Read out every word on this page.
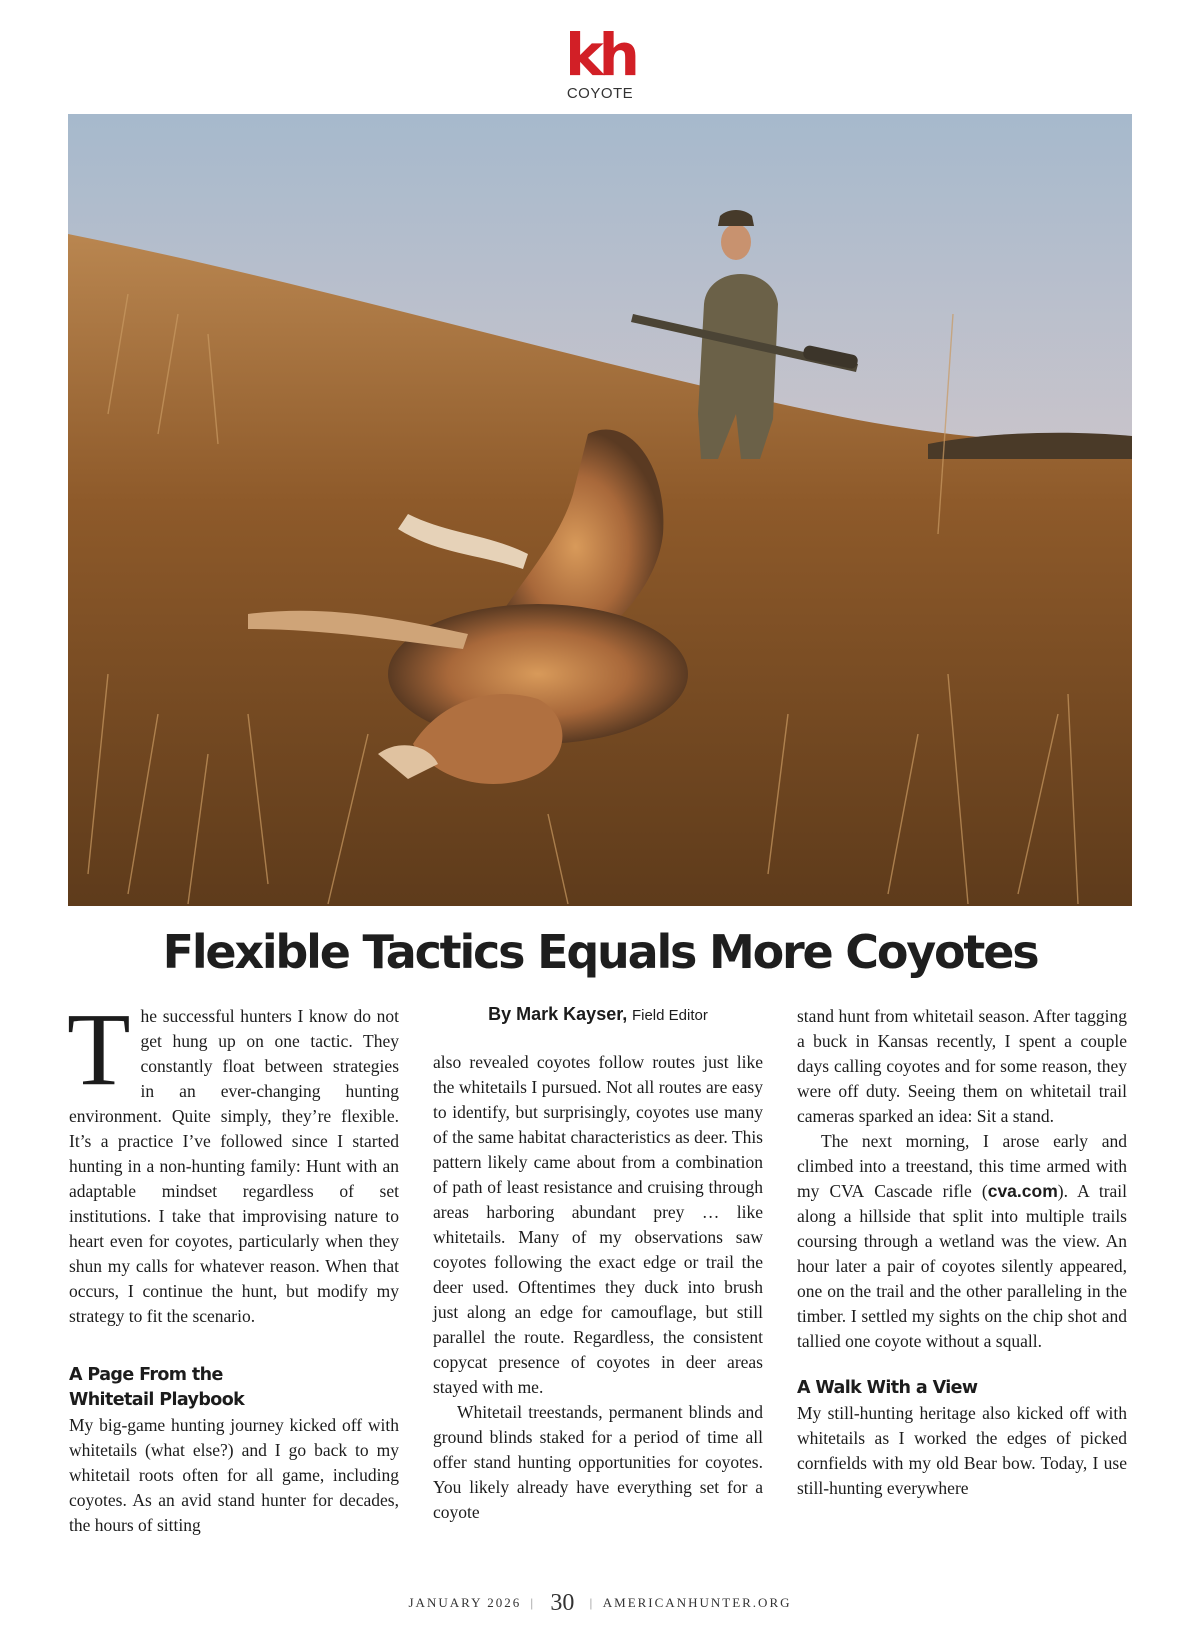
kh
COYOTE
Flexible Tactics Equals More Coyotes

The successful hunters I know do not get hung up on one tactic. They constantly float between strategies in an ever-changing hunting environment. Quite simply, they’re flexible. It’s a practice I’ve followed since I started hunting in a non-hunting family: Hunt with an adaptable mindset regardless of set institutions. I take that improvising nature to heart even for coyotes, particularly when they shun my calls for whatever reason. When that occurs, I continue the hunt, but modify my strategy to fit the scenario.

A Page From the
Whitetail Playbook

My big-game hunting journey kicked off with whitetails (what else?) and I go back to my whitetail roots often for all game, including coyotes. As an avid stand hunter for decades, the hours of sitting

By Mark Kayser, Field Editor

also revealed coyotes follow routes just like the whitetails I pursued. Not all routes are easy to identify, but surprisingly, coyotes use many of the same habitat characteristics as deer. This pattern likely came about from a combination of path of least resistance and cruising through areas harboring abundant prey … like whitetails. Many of my observations saw coyotes following the exact edge or trail the deer used. Oftentimes they duck into brush just along an edge for camouflage, but still parallel the route. Regardless, the consistent copycat presence of coyotes in deer areas stayed with me.

Whitetail treestands, permanent blinds and ground blinds staked for a period of time all offer stand hunting opportunities for coyotes. You likely already have everything set for a coyote

stand hunt from whitetail season. After tagging a buck in Kansas recently, I spent a couple days calling coyotes and for some reason, they were off duty. Seeing them on whitetail trail cameras sparked an idea: Sit a stand.

The next morning, I arose early and climbed into a treestand, this time armed with my CVA Cascade rifle (cva.com). A trail along a hillside that split into multiple trails coursing through a wetland was the view. An hour later a pair of coyotes silently appeared, one on the trail and the other paralleling in the timber. I settled my sights on the chip shot and tallied one coyote without a squall.

A Walk With a View

My still-hunting heritage also kicked off with whitetails as I worked the edges of picked cornfields with my old Bear bow. Today, I use still-hunting everywhere

JANUARY 2026 | 30 | AMERICANHUNTER.ORG
